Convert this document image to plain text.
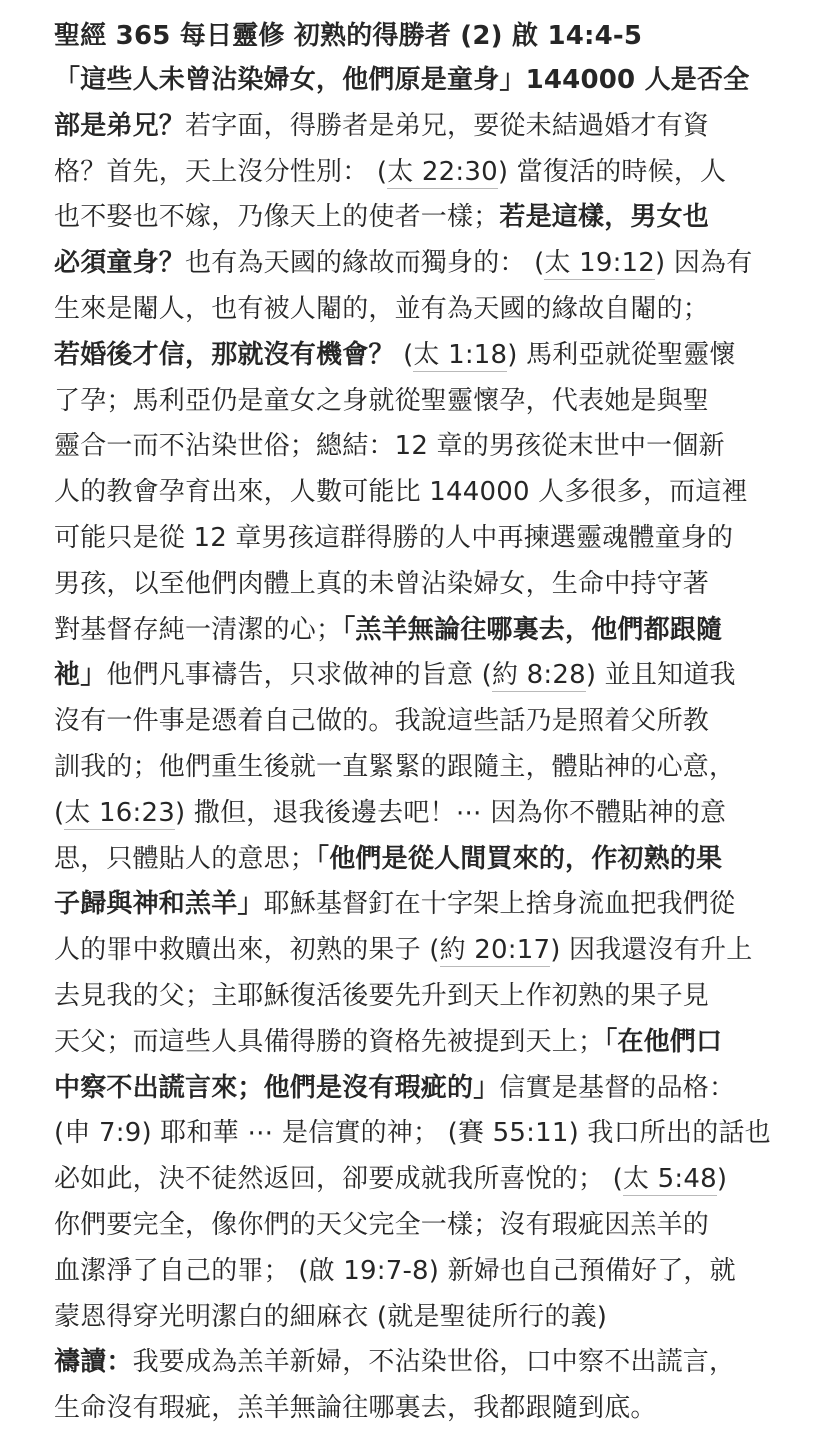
聖經 365 每日靈修 初熟的得勝者 (2) 啟 14:4-5
「這些人未曾沾染婦女，他們原是童身」144000 人是否全
部是弟兄？若字面，得勝者是弟兄，要從未結過婚才有資
格？首先，天上沒分性別： (太 22:30) 當復活的時候，人
也不娶也不嫁，乃像天上的使者一樣；若是這樣，男女也
必須童身？也有為天國的緣故而獨身的： (太 19:12) 因為有
生來是閹人，也有被人閹的，並有為天國的緣故自閹的；
若婚後才信，那就沒有機會？ (太 1:18) 馬利亞就從聖靈懷
了孕；馬利亞仍是童女之身就從聖靈懷孕，代表她是與聖
靈合一而不沾染世俗；總結：12 章的男孩從末世中一個新
人的教會孕育出來，人數可能比 144000 人多很多，而這裡
可能只是從 12 章男孩這群得勝的人中再揀選靈魂體童身的
男孩，以至他們肉體上真的未曾沾染婦女，生命中持守著
對基督存純一清潔的心；「羔羊無論往哪裏去，他們都跟隨
祂」他們凡事禱告，只求做神的旨意 (約 8:28) 並且知道我
沒有一件事是憑着自己做的。我說這些話乃是照着父所教
訓我的；他們重生後就一直緊緊的跟隨主，體貼神的心意，
(太 16:23) 撒但，退我後邊去吧！⋯ 因為你不體貼神的意
思，只體貼人的意思；「他們是從人間買來的，作初熟的果
子歸與神和羔羊」耶穌基督釘在十字架上捨身流血把我們從
人的罪中救贖出來，初熟的果子 (約 20:17) 因我還沒有升上
去見我的父；主耶穌復活後要先升到天上作初熟的果子見
天父；而這些人具備得勝的資格先被提到天上；「在他們口
中察不出謊言來；他們是沒有瑕疵的」信實是基督的品格：
(申 7:9) 耶和華 ⋯ 是信實的神； (賽 55:11) 我口所出的話也
必如此，決不徒然返回，卻要成就我所喜悅的； (太 5:48)
你們要完全，像你們的天父完全一樣；沒有瑕疵因羔羊的
血潔淨了自己的罪； (啟 19:7-8) 新婦也自己預備好了，就
蒙恩得穿光明潔白的細麻衣 (就是聖徒所行的義)
禱讀：我要成為羔羊新婦，不沾染世俗，口中察不出謊言，
生命沒有瑕疵，羔羊無論往哪裏去，我都跟隨到底。
